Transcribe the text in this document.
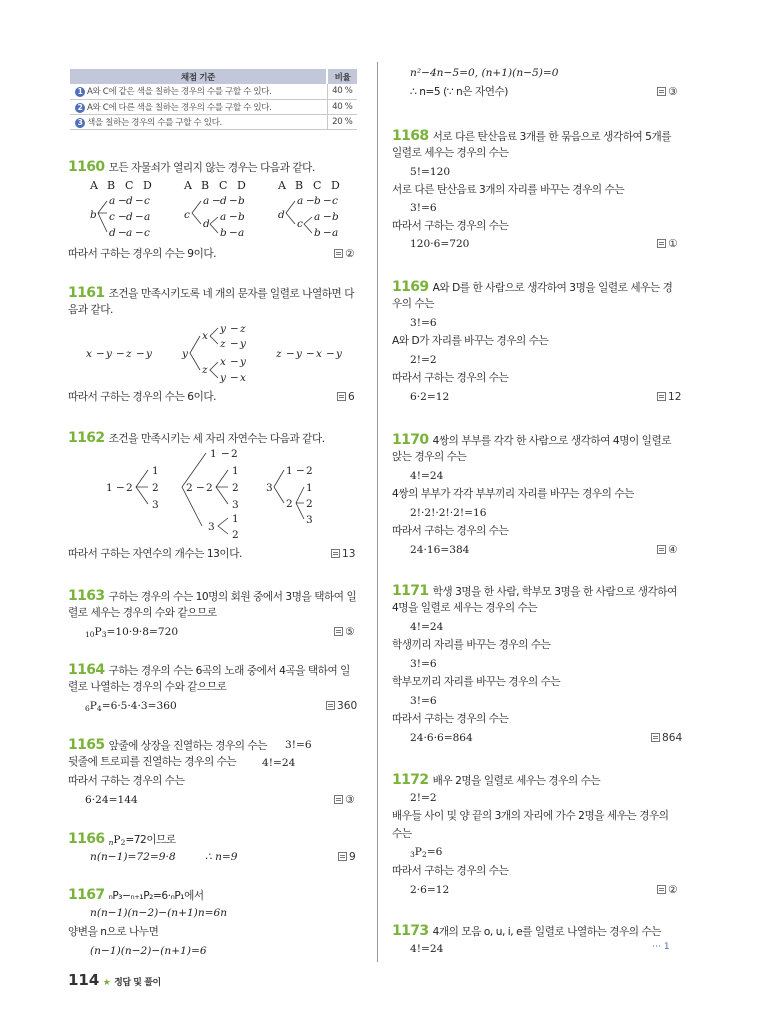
채점 기준	비율
1 A와 C에 같은 색을 칠하는 경우의 수를 구할 수 있다.	40 %
2 A와 C에 다른 색을 칠하는 경우의 수를 구할 수 있다.	40 %
3 색을 칠하는 경우의 수를 구할 수 있다.	20 %
1160 모든 자물쇠가 열리지 않는 경우는 다음과 같다.
A B C D	A B C D	A B C D
b
a − d − c
c − d − a
d − a − c
c
a − d − b
d
a − b
b − a
d
a − b − c
c
a − b
b − a
따라서 구하는 경우의 수는 9이다.	②
1161 조건을 만족시키도록 네 개의 문자를 일렬로 나열하면 다
음과 같다.
x − y − z − y	y
x
y − z
z − y
z
x − y
y − x
z − y − x − y
따라서 구하는 경우의 수는 6이다.	6
1162 조건을 만족시키는 세 자리 자연수는 다음과 같다.
1 − 2
1
2
3
2 − 2
1 − 2
1
2
3
3
1
2
3
1 − 2
2
1
2
3
따라서 구하는 자연수의 개수는 13이다.	13
1163 구하는 경우의 수는 10명의 회원 중에서 3명을 택하여 일
렬로 세우는 경우의 수와 같으므로
10P3=10·9·8=720	⑤
1164 구하는 경우의 수는 6곡의 노래 중에서 4곡을 택하여 일
렬로 나열하는 경우의 수와 같으므로
6P4=6·5·4·3=360	360
1165 앞줄에 상장을 진열하는 경우의 수는 3!=6
뒷줄에 트로피를 진열하는 경우의 수는 4!=24
따라서 구하는 경우의 수는
6·24=144	③
1166 nP2=72이므로
n(n−1)=72=9·8	∴ n=9	9
1167 ₙP₃−ₙ₊₁P₂=6·ₙP₁에서
n(n−1)(n−2)−(n+1)n=6n
양변을 n으로 나누면
(n−1)(n−2)−(n+1)=6
114 ★ 정답 및 풀이
n²−4n−5=0, (n+1)(n−5)=0
∴ n=5 (∵ n은 자연수)	③
1168 서로 다른 탄산음료 3개를 한 묶음으로 생각하여 5개를
일렬로 세우는 경우의 수는
5!=120
서로 다른 탄산음료 3개의 자리를 바꾸는 경우의 수는
3!=6
따라서 구하는 경우의 수는
120·6=720	①
1169 A와 D를 한 사람으로 생각하여 3명을 일렬로 세우는 경
우의 수는
3!=6
A와 D가 자리를 바꾸는 경우의 수는
2!=2
따라서 구하는 경우의 수는
6·2=12	12
1170 4쌍의 부부를 각각 한 사람으로 생각하여 4명이 일렬로
앉는 경우의 수는
4!=24
4쌍의 부부가 각각 부부끼리 자리를 바꾸는 경우의 수는
2!·2!·2!·2!=16
따라서 구하는 경우의 수는
24·16=384	④
1171 학생 3명을 한 사람, 학부모 3명을 한 사람으로 생각하여
4명을 일렬로 세우는 경우의 수는
4!=24
학생끼리 자리를 바꾸는 경우의 수는
3!=6
학부모끼리 자리를 바꾸는 경우의 수는
3!=6
따라서 구하는 경우의 수는
24·6·6=864	864
1172 배우 2명을 일렬로 세우는 경우의 수는
2!=2
배우들 사이 및 양 끝의 3개의 자리에 가수 2명을 세우는 경우의
수는
3P2=6
따라서 구하는 경우의 수는
2·6=12	②
1173 4개의 모음 o, u, i, e를 일렬로 나열하는 경우의 수는
4!=24	⋯ 1
